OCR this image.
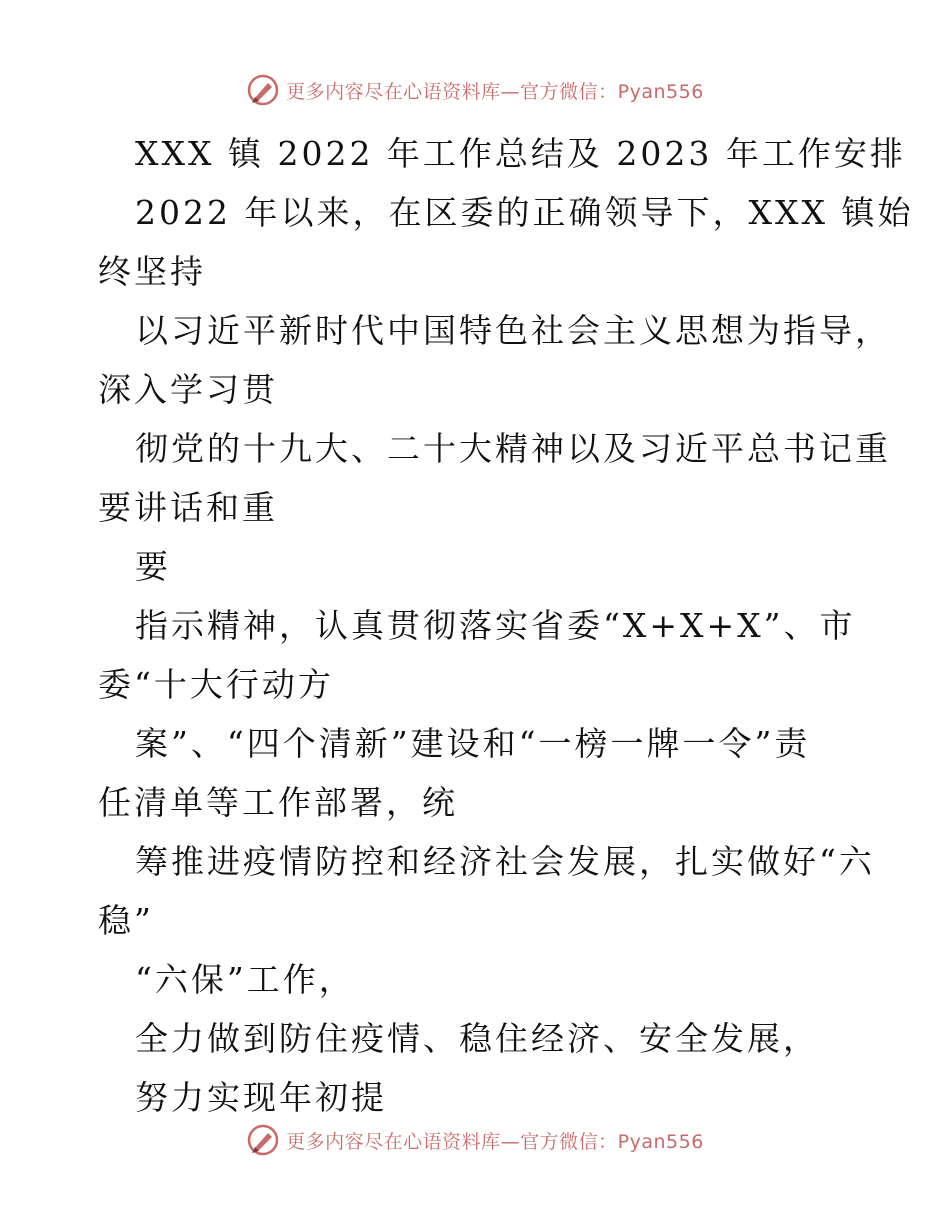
更多内容尽在心语资料库—官方微信：Pyan556
XXX 镇 2022 年工作总结及 2023 年工作安排
2022 年以来，在区委的正确领导下，XXX 镇始
终坚持
以习近平新时代中国特色社会主义思想为指导，
深入学习贯
彻党的十九大、二十大精神以及习近平总书记重
要讲话和重
要
指示精神，认真贯彻落实省委“X+X+X”、市
委“十大行动方
案”、“四个清新”建设和“一榜一牌一令”责
任清单等工作部署，统
筹推进疫情防控和经济社会发展，扎实做好“六
稳”
“六保”工作，
全力做到防住疫情、稳住经济、安全发展，
努力实现年初提
更多内容尽在心语资料库—官方微信：Pyan556
